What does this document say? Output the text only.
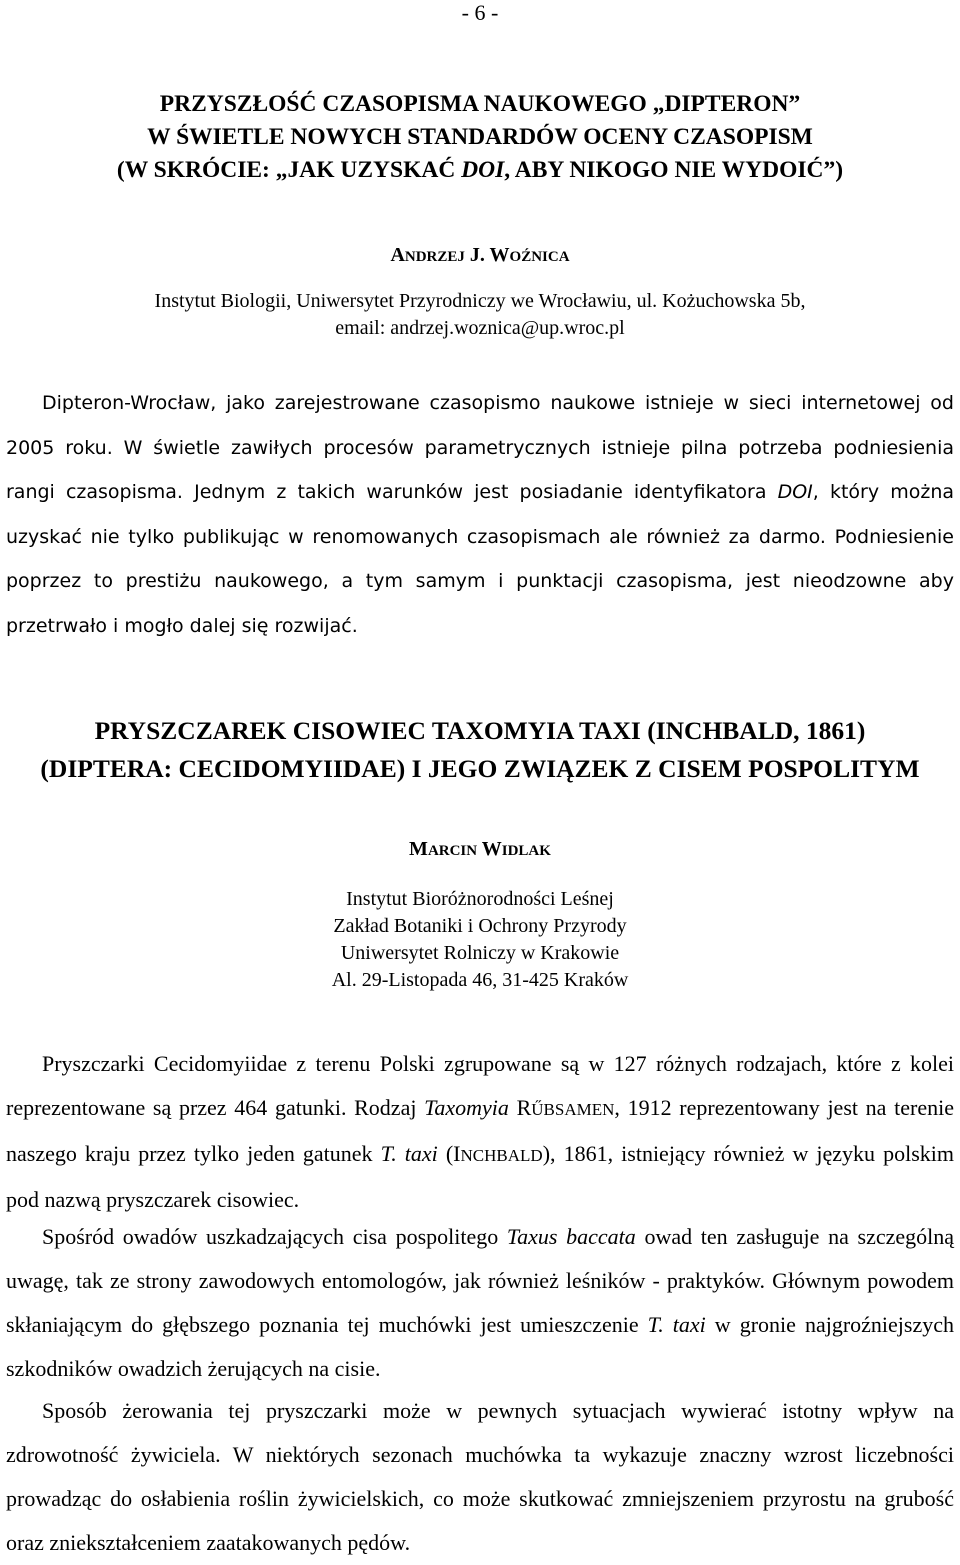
- 6 -
PRZYSZŁOŚĆ CZASOPISMA NAUKOWEGO „DIPTERON”
W ŚWIETLE NOWYCH STANDARDÓW OCENY CZASOPISM
(W SKRÓCIE: „JAK UZYSKAĆ DOI, ABY NIKOGO NIE WYDOIĆ”)
ANDRZEJ J. WOŹNICA
Instytut Biologii, Uniwersytet Przyrodniczy we Wrocławiu, ul. Kożuchowska 5b,
email: andrzej.woznica@up.wroc.pl

Dipteron-Wrocław, jako zarejestrowane czasopismo naukowe istnieje w sieci internetowej od 2005 roku. W świetle zawiłych procesów parametrycznych istnieje pilna potrzeba podniesienia rangi czasopisma. Jednym z takich warunków jest posiadanie identyfikatora DOI, który można uzyskać nie tylko publikując w renomowanych czasopismach ale również za darmo. Podniesienie poprzez to prestiżu naukowego, a tym samym i punktacji czasopisma, jest nieodzowne aby przetrwało i mogło dalej się rozwijać.

PRYSZCZAREK CISOWIEC TAXOMYIA TAXI (INCHBALD, 1861)
(DIPTERA: CECIDOMYIIDAE) I JEGO ZWIĄZEK Z CISEM POSPOLITYM
MARCIN WIDLAK
Instytut Bioróżnorodności Leśnej
Zakład Botaniki i Ochrony Przyrody
Uniwersytet Rolniczy w Krakowie
Al. 29-Listopada 46, 31-425 Kraków

Pryszczarki Cecidomyiidae z terenu Polski zgrupowane są w 127 różnych rodzajach, które z kolei reprezentowane są przez 464 gatunki. Rodzaj Taxomyia RŰBSAMEN, 1912 reprezentowany jest na terenie naszego kraju przez tylko jeden gatunek T. taxi (INCHBALD), 1861, istniejący również w języku polskim pod nazwą pryszczarek cisowiec.

Spośród owadów uszkadzających cisa pospolitego Taxus baccata owad ten zasługuje na szczególną uwagę, tak ze strony zawodowych entomologów, jak również leśników - praktyków. Głównym powodem skłaniającym do głębszego poznania tej muchówki jest umieszczenie T. taxi w gronie najgroźniejszych szkodników owadzich żerujących na cisie.

Sposób żerowania tej pryszczarki może w pewnych sytuacjach wywierać istotny wpływ na zdrowotność żywiciela. W niektórych sezonach muchówka ta wykazuje znaczny wzrost liczebności prowadząc do osłabienia roślin żywicielskich, co może skutkować zmniejszeniem przyrostu na grubość oraz zniekształceniem zaatakowanych pędów.
